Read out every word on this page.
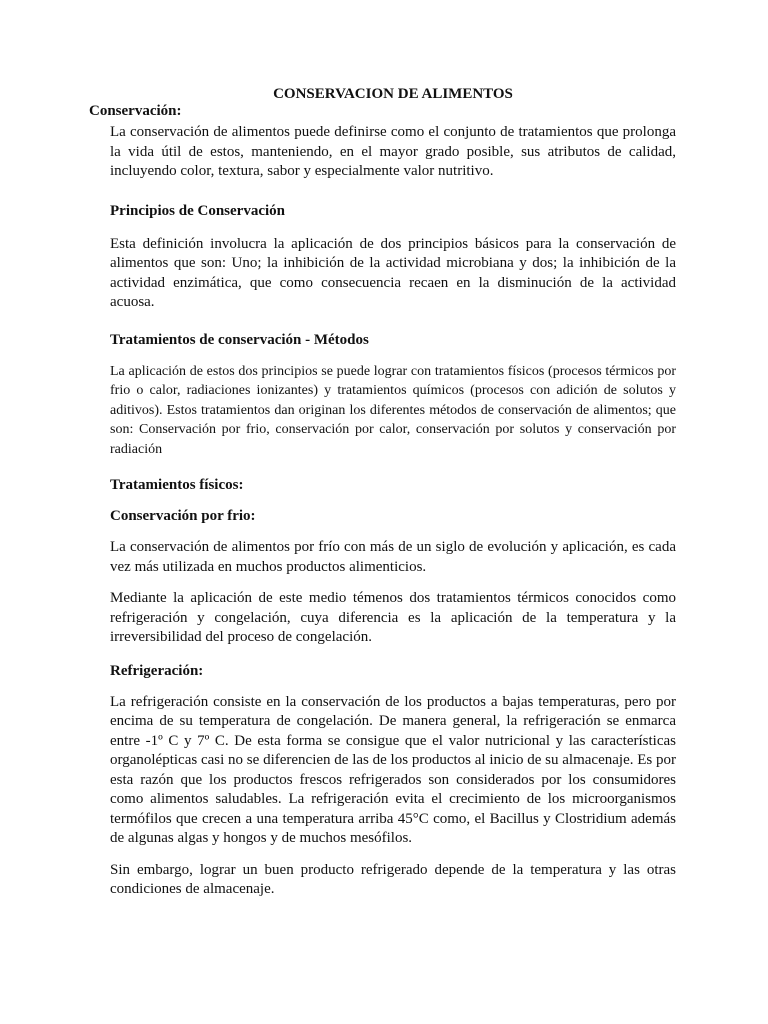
CONSERVACION DE ALIMENTOS
Conservación:

La conservación de alimentos puede definirse como el conjunto de tratamientos que prolonga la vida útil de estos, manteniendo, en el mayor grado posible, sus atributos de calidad, incluyendo color, textura, sabor y especialmente valor nutritivo.

Principios de Conservación

Esta definición involucra la aplicación de dos principios básicos para la conservación de alimentos que son: Uno; la inhibición de la actividad microbiana y dos; la inhibición de la actividad enzimática, que como consecuencia recaen en la disminución de la actividad acuosa.

Tratamientos de conservación - Métodos

La aplicación de estos dos principios se puede lograr con tratamientos físicos (procesos térmicos por frio o calor, radiaciones ionizantes) y tratamientos químicos (procesos con adición de solutos y aditivos). Estos tratamientos dan originan los diferentes métodos de conservación de alimentos; que son: Conservación por frio, conservación por calor, conservación por solutos y conservación por radiación

Tratamientos físicos:
Conservación por frio:

La conservación de alimentos por frío con más de un siglo de evolución y aplicación, es cada vez más utilizada en muchos productos alimenticios.

Mediante la aplicación de este medio témenos dos tratamientos térmicos conocidos como refrigeración y congelación, cuya diferencia es la aplicación de la temperatura y la irreversibilidad del proceso de congelación.

Refrigeración:

La refrigeración consiste en la conservación de los productos a bajas temperaturas, pero por encima de su temperatura de congelación. De manera general, la refrigeración se enmarca entre -1º C y 7º C. De esta forma se consigue que el valor nutricional y las características organolépticas casi no se diferencien de las de los productos al inicio de su almacenaje. Es por esta razón que los productos frescos refrigerados son considerados por los consumidores como alimentos saludables. La refrigeración evita el crecimiento de los microorganismos termófilos que crecen a una temperatura arriba 45°C como, el Bacillus y Clostridium además de algunas algas y hongos y de muchos mesófilos.

Sin embargo, lograr un buen producto refrigerado depende de la temperatura y las otras condiciones de almacenaje.
